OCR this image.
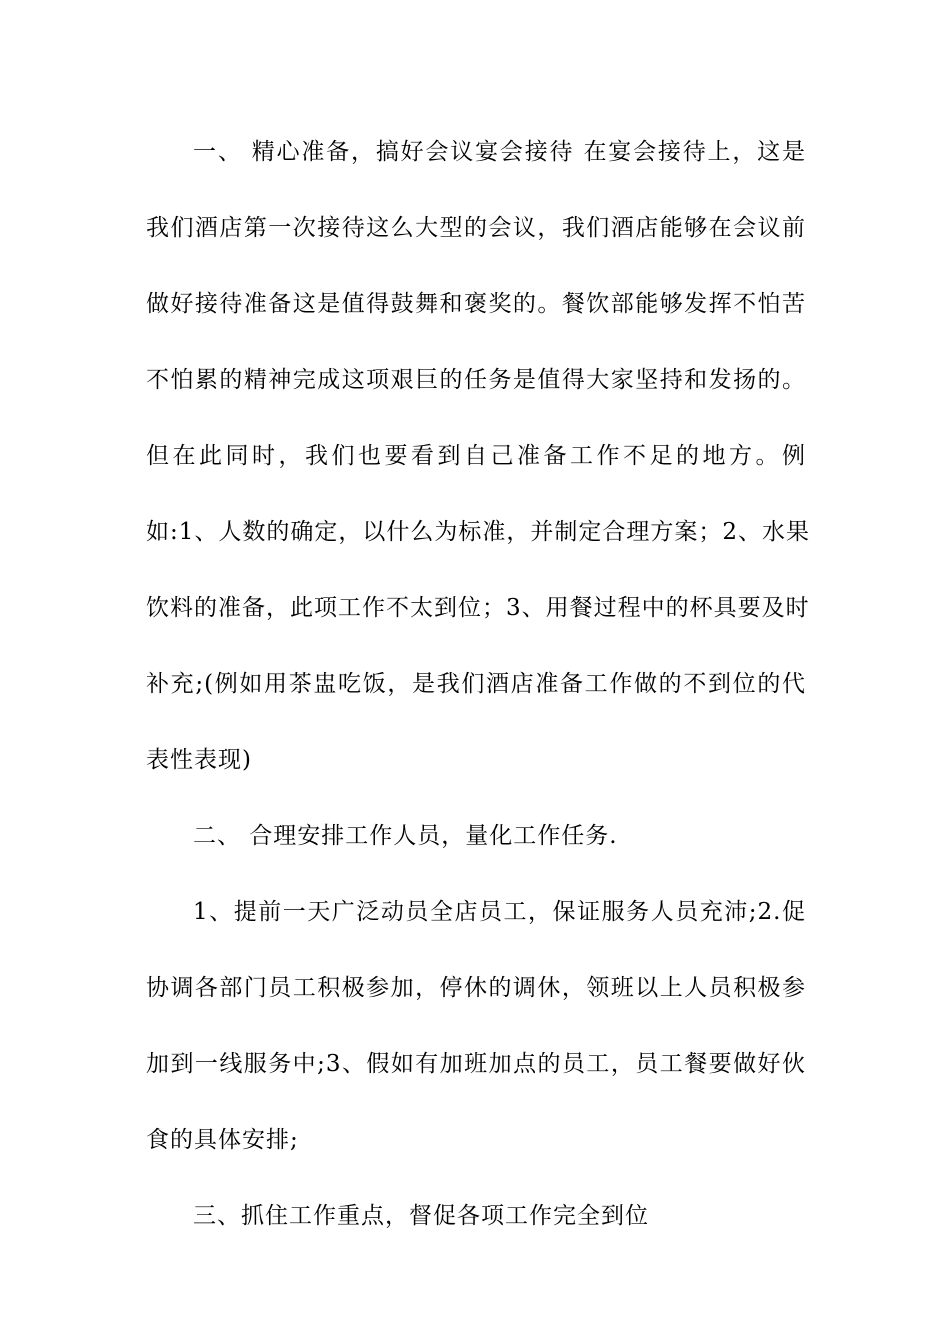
一、 精心准备，搞好会议宴会接待 在宴会接待上，这是
我们酒店第一次接待这么大型的会议，我们酒店能够在会议前
做好接待准备这是值得鼓舞和褒奖的。餐饮部能够发挥不怕苦
不怕累的精神完成这项艰巨的任务是值得大家坚持和发扬的。
但在此同时，我们也要看到自己准备工作不足的地方。例
如:1、人数的确定，以什么为标准，并制定合理方案；2、水果
饮料的准备，此项工作不太到位；3、用餐过程中的杯具要及时
补充;(例如用茶盅吃饭，是我们酒店准备工作做的不到位的代
表性表现)
二、 合理安排工作人员，量化工作任务.
1、提前一天广泛动员全店员工，保证服务人员充沛;2.促
协调各部门员工积极参加，停休的调休，领班以上人员积极参
加到一线服务中;3、假如有加班加点的员工，员工餐要做好伙
食的具体安排;
三、抓住工作重点，督促各项工作完全到位
